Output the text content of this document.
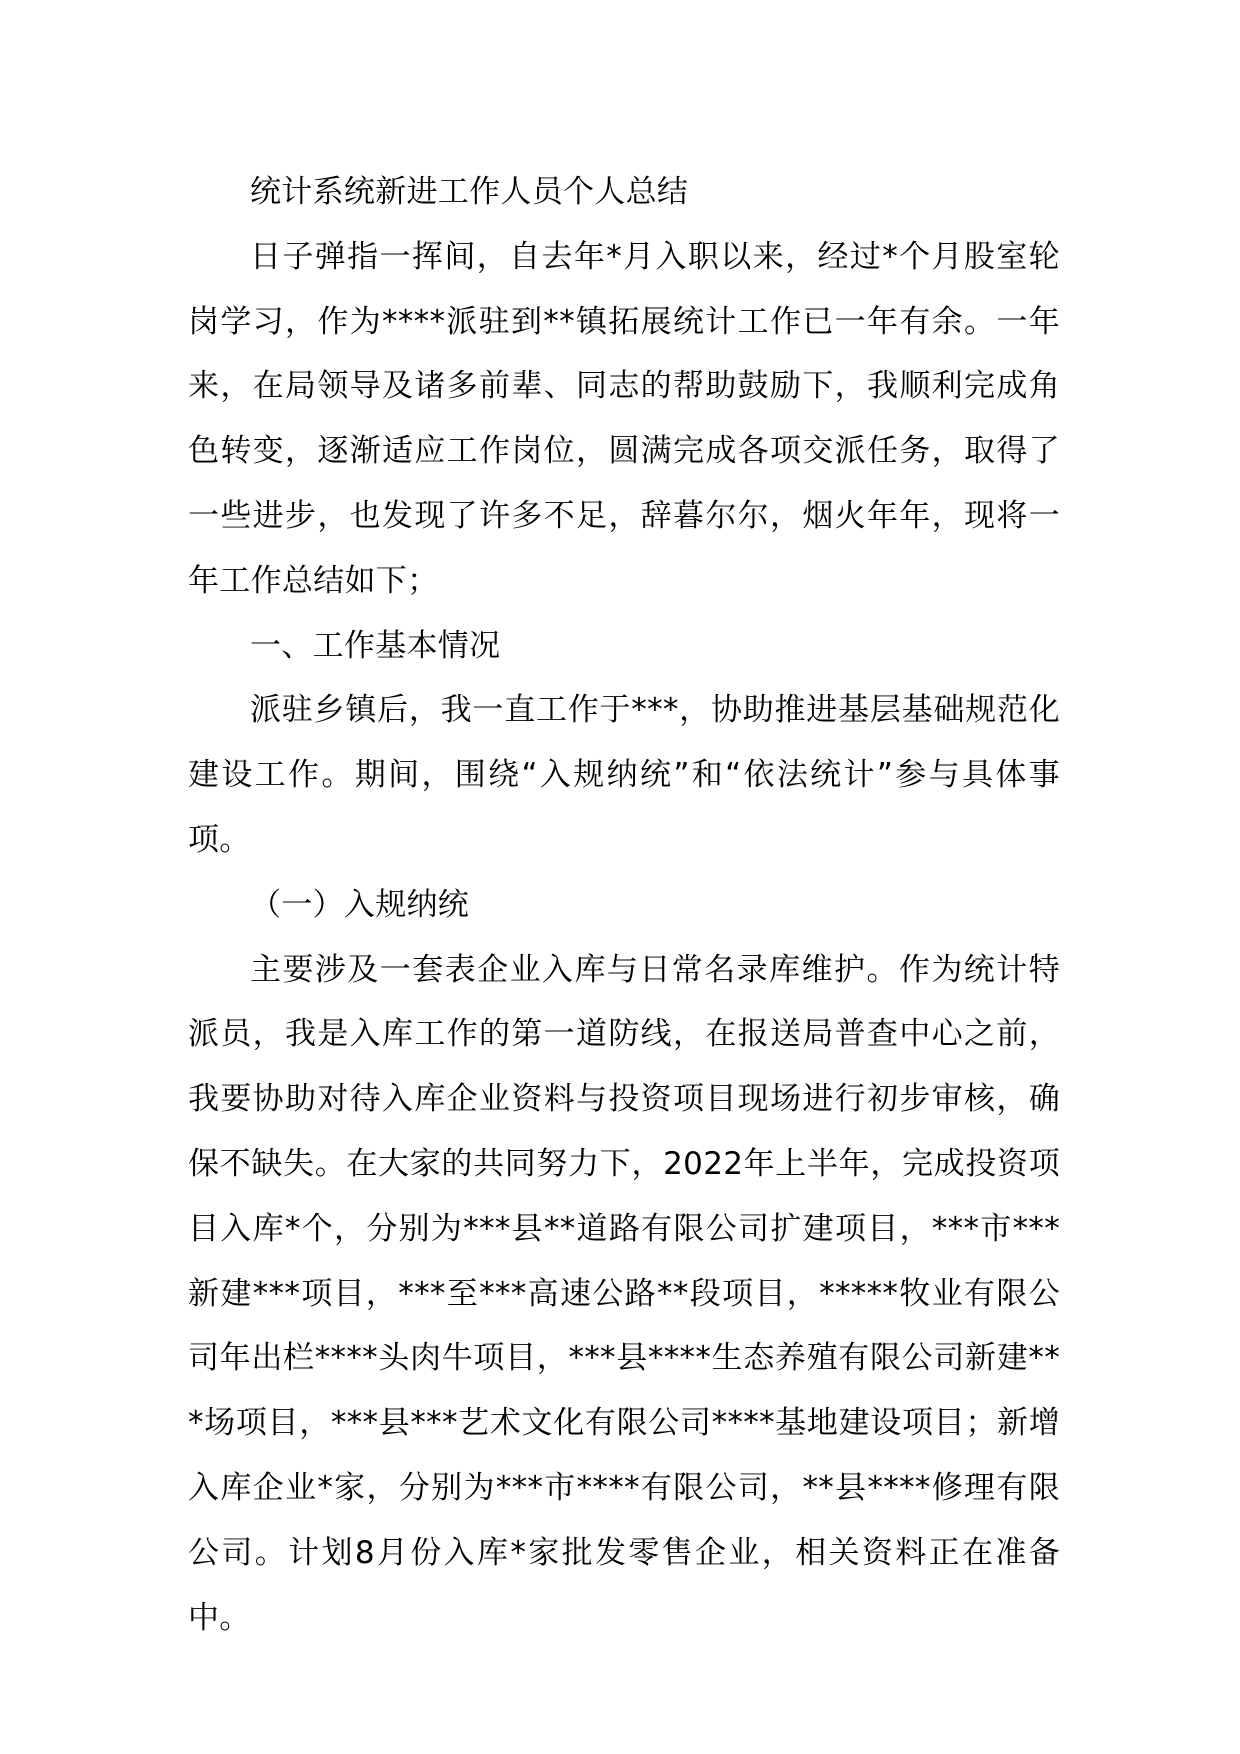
统计系统新进工作人员个人总结

日子弹指一挥间，自去年*月入职以来，经过*个月股室轮岗学习，作为****派驻到**镇拓展统计工作已一年有余。一年来，在局领导及诸多前辈、同志的帮助鼓励下，我顺利完成角色转变，逐渐适应工作岗位，圆满完成各项交派任务，取得了一些进步，也发现了许多不足，辞暮尔尔，烟火年年，现将一年工作总结如下；

一、工作基本情况

派驻乡镇后，我一直工作于***，协助推进基层基础规范化建设工作。期间，围绕“入规纳统”和“依法统计”参与具体事项。

（一）入规纳统

主要涉及一套表企业入库与日常名录库维护。作为统计特派员，我是入库工作的第一道防线，在报送局普查中心之前，我要协助对待入库企业资料与投资项目现场进行初步审核，确保不缺失。在大家的共同努力下，2022年上半年，完成投资项目入库*个，分别为***县**道路有限公司扩建项目，***市***新建***项目，***至***高速公路**段项目，*****牧业有限公司年出栏****头肉牛项目，***县****生态养殖有限公司新建***场项目，***县***艺术文化有限公司****基地建设项目；新增入库企业*家，分别为***市****有限公司，**县****修理有限公司。计划8月份入库*家批发零售企业，相关资料正在准备中。
